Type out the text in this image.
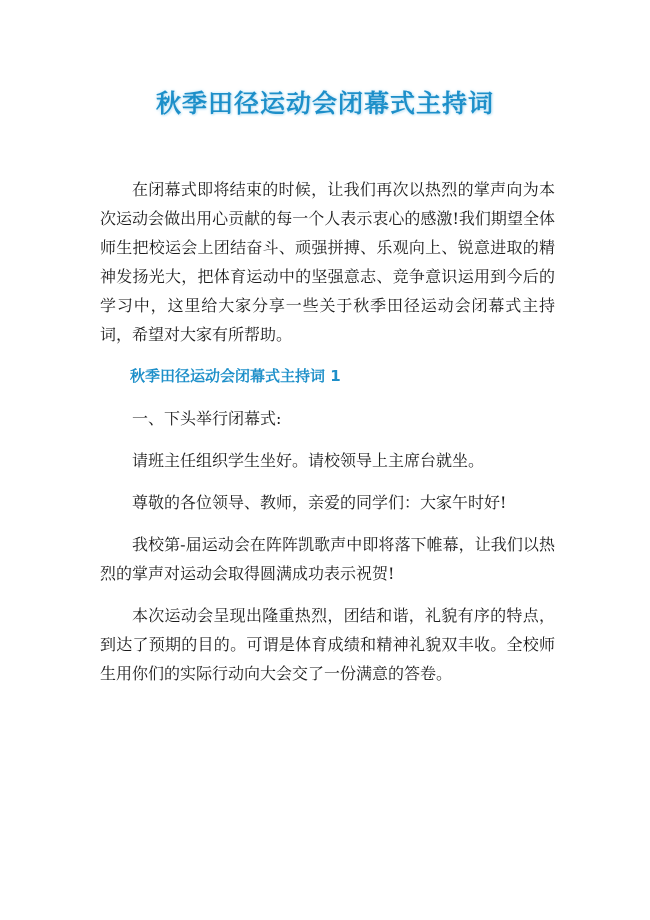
秋季田径运动会闭幕式主持词

在闭幕式即将结束的时候，让我们再次以热烈的掌声向为本次运动会做出用心贡献的每一个人表示衷心的感激!我们期望全体师生把校运会上团结奋斗、顽强拼搏、乐观向上、锐意进取的精神发扬光大，把体育运动中的坚强意志、竞争意识运用到今后的学习中，这里给大家分享一些关于秋季田径运动会闭幕式主持词，希望对大家有所帮助。

秋季田径运动会闭幕式主持词 1

一、下头举行闭幕式:

请班主任组织学生坐好。请校领导上主席台就坐。

尊敬的各位领导、教师，亲爱的同学们：大家午时好!

我校第-届运动会在阵阵凯歌声中即将落下帷幕，让我们以热烈的掌声对运动会取得圆满成功表示祝贺!

本次运动会呈现出隆重热烈，团结和谐，礼貌有序的特点，到达了预期的目的。可谓是体育成绩和精神礼貌双丰收。全校师生用你们的实际行动向大会交了一份满意的答卷。
